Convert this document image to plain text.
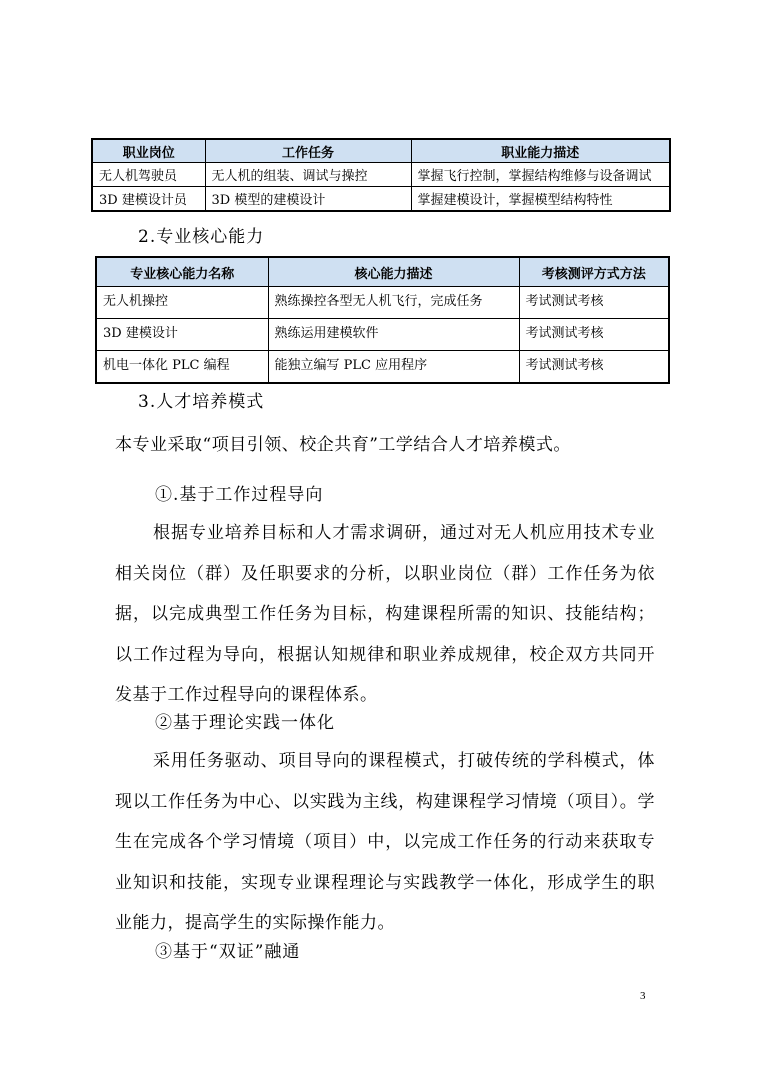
职业岗位	工作任务	职业能力描述
无人机驾驶员	无人机的组装、调试与操控	掌握飞行控制，掌握结构维修与设备调试
3D 建模设计员	3D 模型的建模设计	掌握建模设计，掌握模型结构特性
2.专业核心能力
专业核心能力名称	核心能力描述	考核测评方式方法
无人机操控	熟练操控各型无人机飞行，完成任务	考试测试考核
3D 建模设计	熟练运用建模软件	考试测试考核
机电一体化 PLC 编程	能独立编写 PLC 应用程序	考试测试考核
3.人才培养模式
本专业采取“项目引领、校企共育”工学结合人才培养模式。
①.基于工作过程导向
根据专业培养目标和人才需求调研，通过对无人机应用技术专业相关岗位（群）及任职要求的分析，以职业岗位（群）工作任务为依据，以完成典型工作任务为目标，构建课程所需的知识、技能结构；以工作过程为导向，根据认知规律和职业养成规律，校企双方共同开发基于工作过程导向的课程体系。
②基于理论实践一体化
采用任务驱动、项目导向的课程模式，打破传统的学科模式，体现以工作任务为中心、以实践为主线，构建课程学习情境（项目）。学生在完成各个学习情境（项目）中，以完成工作任务的行动来获取专业知识和技能，实现专业课程理论与实践教学一体化，形成学生的职业能力，提高学生的实际操作能力。
③基于“双证”融通
3
